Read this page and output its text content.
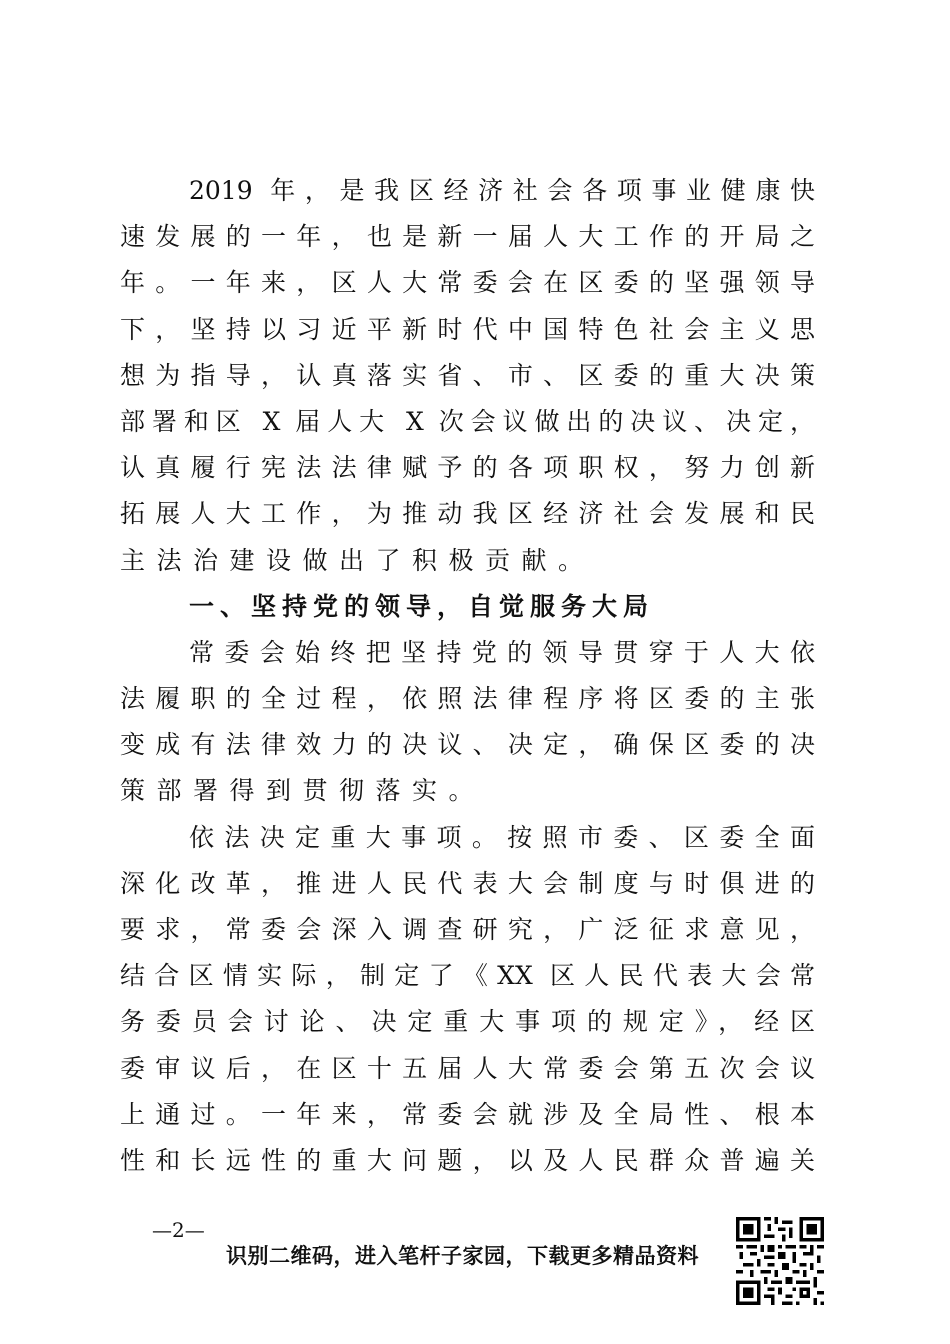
2019 年，是我区经济社会各项事业健康快
速发展的一年，也是新一届人大工作的开局之
年。一年来，区人大常委会在区委的坚强领导
下，坚持以习近平新时代中国特色社会主义思
想为指导，认真落实省、市、区委的重大决策
部署和区 X 届人大 X 次会议做出的决议、决定，
认真履行宪法法律赋予的各项职权，努力创新
拓展人大工作，为推动我区经济社会发展和民
主法治建设做出了积极贡献。
一、坚持党的领导，自觉服务大局
常委会始终把坚持党的领导贯穿于人大依
法履职的全过程，依照法律程序将区委的主张
变成有法律效力的决议、决定，确保区委的决
策部署得到贯彻落实。
依法决定重大事项。按照市委、区委全面
深化改革，推进人民代表大会制度与时俱进的
要求，常委会深入调查研究，广泛征求意见，
结合区情实际，制定了《XX 区人民代表大会常
务委员会讨论、决定重大事项的规定》，经区
委审议后，在区十五届人大常委会第五次会议
上通过。一年来，常委会就涉及全局性、根本
性和长远性的重大问题，以及人民群众普遍关
—2—
识别二维码，进入笔杆子家园，下载更多精品资料
